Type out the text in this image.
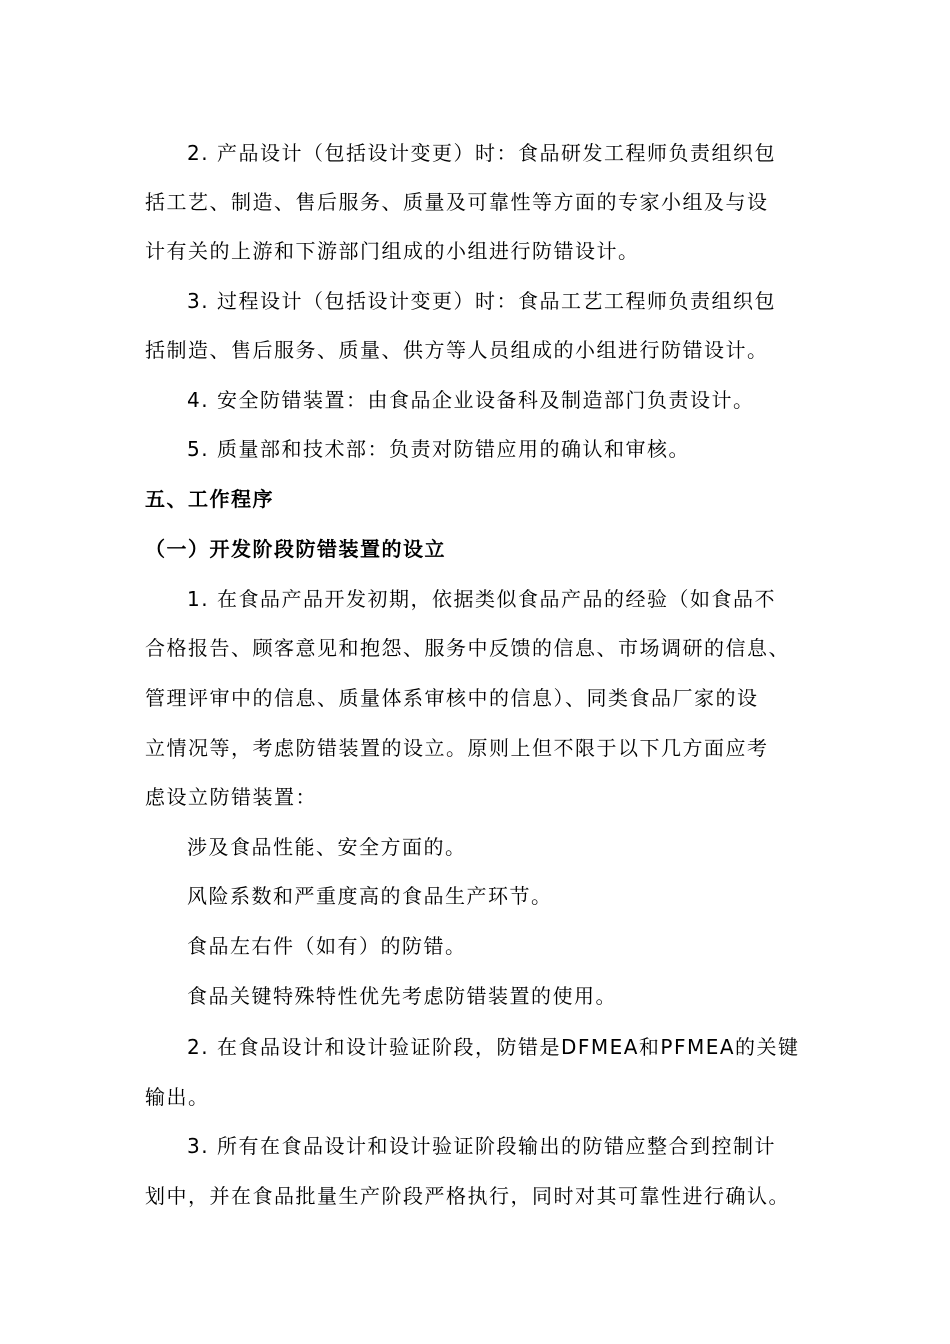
2. 产品设计（包括设计变更）时：食品研发工程师负责组织包
括工艺、制造、售后服务、质量及可靠性等方面的专家小组及与设
计有关的上游和下游部门组成的小组进行防错设计。
3. 过程设计（包括设计变更）时：食品工艺工程师负责组织包
括制造、售后服务、质量、供方等人员组成的小组进行防错设计。
4. 安全防错装置：由食品企业设备科及制造部门负责设计。
5. 质量部和技术部：负责对防错应用的确认和审核。
五、工作程序
（一）开发阶段防错装置的设立
1. 在食品产品开发初期，依据类似食品产品的经验（如食品不
合格报告、顾客意见和抱怨、服务中反馈的信息、市场调研的信息、
管理评审中的信息、质量体系审核中的信息）、同类食品厂家的设
立情况等，考虑防错装置的设立。原则上但不限于以下几方面应考
虑设立防错装置：
涉及食品性能、安全方面的。
风险系数和严重度高的食品生产环节。
食品左右件（如有）的防错。
食品关键特殊特性优先考虑防错装置的使用。
2. 在食品设计和设计验证阶段，防错是DFMEA和PFMEA的关键
输出。
3. 所有在食品设计和设计验证阶段输出的防错应整合到控制计
划中，并在食品批量生产阶段严格执行，同时对其可靠性进行确认。
